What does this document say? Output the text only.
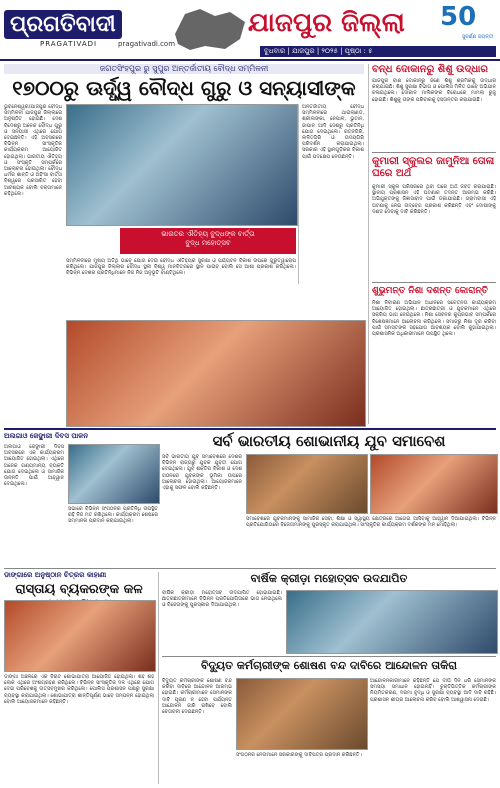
ପ୍ରଗତିବାଦୀ
PRAGATIVADI	pragativadi.com
ଯାଜପୁର ଜିଲ୍ଲା 50
ସୁବର୍ଣ୍ଣ ଜୟନ୍ତୀ
ବୁଧବାର | ଯାଜପୁର | ୨୦୨୫ | ପୃଷ୍ଠା : ୫
ଜଗତସିଂହପୁର ରୁ ସୁପୁର ଅନ୍ତର୍ଜାତୀୟ ବୌଦ୍ଧ ସମ୍ମିଳନୀ
୧୭୦୦ରୁ ଊର୍ଦ୍ଧ୍ୱ ବୌଦ୍ଧ ଗୁରୁ ଓ ସନ୍ୟାସୀଙ୍କ
ଭୁବନେଶ୍ୱର/ଯାଜପୁର ବୌଦ୍ଧ ସମ୍ମିଳନୀ ଯାଜପୁର ଜିଲ୍ଲାରେ ଅନୁଷ୍ଠିତ ହୋଇଛି। ଦେଶ ବିଦେଶରୁ ଅନେକ ବୌଦ୍ଧ ଗୁରୁ ଓ ସନ୍ୟାସୀ ଏଥିରେ ଯୋଗ ଦେଇଛନ୍ତି। ଏହି ଅବସରରେ ବିଭିନ୍ନ ସାଂସ୍କୃତିକ କାର୍ଯ୍ୟକ୍ରମ ଆୟୋଜିତ ହୋଇଥିଲା। ଭାରତୀୟ ଐତିହ୍ୟ ଓ ସଂସ୍କୃତି ସମ୍ପର୍କରେ ଆଲୋଚନା ହୋଇଥିଲା। ବୌଦ୍ଧ ଧର୍ମର ଶାନ୍ତି ଓ ଅହିଂସା ବାର୍ତ୍ତା ବିଶ୍ୱରେ ପ୍ରସାରିତ ହେବା ଆବଶ୍ୟକ ବୋଲି ବକ୍ତାମାନେ କହିଥିଲେ।
ଅନ୍ତର୍ଜାତୀୟ ବୌଦ୍ଧ ସମ୍ମିଳନୀରେ ଥାଇଲାଣ୍ଡ, ଶ୍ରୀଲଙ୍କା, ନେପାଳ, ଭୁଟାନ, ଜାପାନ ଆଦି ଦେଶରୁ ପ୍ରତିନିଧି ଯୋଗ ଦେଇଥିଲେ। ରତ୍ନଗିରି, ଲଳିତଗିରି ଓ ଉଦୟଗିରି ପରିଦର୍ଶନ କରାଯାଇଥିଲା। ସରକାର ଏହି ସ୍ଥାନଗୁଡ଼ିକର ବିକାଶ ପାଇଁ ପଦକ୍ଷେପ ନେଉଛନ୍ତି।
ଭାରତର ଐତିହ୍ୟ ବୁଦ୍ଧଙ୍କ ବାର୍ତ୍ତା
ବୁଦ୍ଧ ମହୋତ୍ସବ
ସମ୍ମିଳନୀରେ ମୁଖ୍ୟ ଅତିଥି ଭାବେ ଯୋଗ ଦେଇ ବୌଦ୍ଧ ଐତିହ୍ୟର ସୁରକ୍ଷା ଓ ପର୍ଯ୍ୟଟନ ବିକାଶ ଉପରେ ଗୁରୁତ୍ୱାରୋପ କରିଥିଲେ। ଯାଜପୁର ଜିଲ୍ଲାର ବୌଦ୍ଧ ସ୍ଥଳୀ ବିଶ୍ୱ ମାନଚିତ୍ରରେ ସ୍ଥାନ ପାଇବ ବୋଲି ସେ ଆଶା ପ୍ରକାଶ କରିଥିଲେ। ବିଭିନ୍ନ ଦେଶର ପ୍ରତିନିଧିମାନେ ନିଜ ନିଜ ଅନୁଭୂତି ବାଣ୍ଟିଥିଲେ।
ବନ୍ଧ ଦୋକାନରୁ ଶିଶୁ ଉଦ୍ଧାର
ଯାଜପୁର ବାଣ ଦୋକାନରୁ ଜଣେ ଶିଶୁ ଶ୍ରମିକକୁ ଉଦ୍ଧାର କରାଯାଇଛି। ଶିଶୁ ସୁରକ୍ଷା ବିଭାଗ ଓ ପୋଲିସ ମିଳିତ ଭାବେ ଅଭିଯାନ ଚଳାଇଥିଲେ। ଦୋକାନ ମାଲିକଙ୍କ ବିରୋଧରେ ମାମଲା ରୁଜୁ ହୋଇଛି। ଶିଶୁକୁ ତାଙ୍କ ପରିବାରକୁ ହସ୍ତାନ୍ତର କରାଯାଇଛି।
କୁମାରୀ ସ୍କୁଲର ଜାମୁନିଆ ତୋଳା ଘରେ ଅର୍ଥ
କୁମାରୀ ସ୍କୁଲ ପରିସରରେ ଥିବା ଘରେ ଅର୍ଥ ଜବତ କରାଯାଇଛି। ସ୍ଥାନୀୟ ପ୍ରଶାସନ ଏହି ଘଟଣାର ତଦନ୍ତ ଆରମ୍ଭ କରିଛି। ଅଭିଯୁକ୍ତଙ୍କୁ ଜିଜ୍ଞାସାବାଦ ପାଇଁ ଡକାଯାଇଛି। ଗ୍ରାମବାସୀ ଏହି ଘଟଣାକୁ ନେଇ ଉଦ୍ବେଗ ପ୍ରକାଶ କରିଛନ୍ତି ଏବଂ ଦୋଷୀଙ୍କୁ ଦଣ୍ଡ ଦେବାକୁ ଦାବି କରିଛନ୍ତି।
ଶୁଭୁମନ୍ତ ନିଶା ଦଶନ୍ତ କୋରାନ୍ତି
ନିଶା ନିବାରଣ ଅଭିଯାନ ଅଧୀନରେ ସଚେତନତା କାର୍ଯ୍ୟକ୍ରମ ଆୟୋଜିତ ହୋଇଥିଲା। ଛାତ୍ରଛାତ୍ରୀ ଓ ଯୁବକମାନେ ଏଥିରେ ସକ୍ରିୟ ଭାଗ ନେଇଥିଲେ। ନିଶା ସେବନର କୁପ୍ରଭାବ ସମ୍ପର୍କରେ ବିଶେଷଜ୍ଞମାନେ ଆଲୋଚନା କରିଥିଲେ। ସମାଜରୁ ନିଶା ଦୂର କରିବା ପାଇଁ ସମସ୍ତଙ୍କ ସହଯୋଗ ଆବଶ୍ୟକ ବୋଲି କୁହାଯାଇଥିଲା। ପ୍ରଶାସନିକ ଅଧିକାରୀମାନେ ଉପସ୍ଥିତ ଥିଲେ।
ଅଲଗାଓ ଜେଙ୍କ୍ଷାରୀ ଦିବସ ପାଳନ
ଅଲଗାଓ ଜେଙ୍କ୍ଷାରୀ ଦିବସ ଅବସରରେ ଏକ କାର୍ଯ୍ୟକ୍ରମ ଆୟୋଜିତ ହୋଇଥିଲା। ଏଥିରେ ଅନେକ ଗଣ୍ୟମାନ୍ୟ ବ୍ୟକ୍ତି ଯୋଗ ଦେଇଥିଲେ ଓ ସାମାଜିକ ଉନ୍ନତି ପାଇଁ ଆହ୍ୱାନ ଦେଇଥିଲେ।
ସଭାରେ ବିଭିନ୍ନ ସଂଗଠନର ପ୍ରତିନିଧି ଉପସ୍ଥିତ ରହି ନିଜ ମତ ରଖିଥିଲେ। କାର୍ଯ୍ୟକ୍ରମ ଶେଷରେ ସମ୍ମାନନା ପ୍ରଦାନ କରାଯାଇଥିଲା।
ସର୍ବ ଭାରତୀୟ ଶୋଭାନୀୟ ଯୁବ ସମାବେଶ
ସର୍ବ ଭାରତୀୟ ଯୁବ ସମାବେଶରେ ଦେଶର ବିଭିନ୍ନ ରାଜ୍ୟରୁ ଯୁବକ ଯୁବତୀ ଯୋଗ ଦେଇଥିଲେ। ଯୁବ ଶକ୍ତିର ବିକାଶ ଓ ଦେଶ ଗଠନରେ ଯୁବକଙ୍କ ଭୂମିକା ଉପରେ ଆଲୋଚନା ହୋଇଥିଲା। ଆୟୋଜକମାନେ ଏହାକୁ ସଫଳ ବୋଲି କହିଛନ୍ତି।
ସମାବେଶରେ ଯୁବକମାନଙ୍କୁ ସାମାଜିକ ସେବା, ଶିକ୍ଷା ଓ ସ୍ୱାସ୍ଥ୍ୟ କ୍ଷେତ୍ରରେ ଆଗେଇ ଆସିବାକୁ ଆହ୍ୱାନ ଦିଆଯାଇଥିଲା। ବିଭିନ୍ନ ପ୍ରତିଯୋଗିତାରେ ବିଜେତାମାନଙ୍କୁ ପୁରସ୍କୃତ କରାଯାଇଥିଲା। ସାଂସ୍କୃତିକ କାର୍ଯ୍ୟକ୍ରମ ଦର୍ଶକଙ୍କ ମନ ମୋହିଥିଲା।
ଡାଙ୍ଗାରେ ଅନୁଷ୍ଠାନ ଚିତ୍ରର କାହାଣୀ
ରାସ୍ତାୟ ବ୍ୟକରଙ୍କ କଳ
ଡାଙ୍ଗା ଅଞ୍ଚଳରେ ଏକ ବିରାଟ ଶୋଭାଯାତ୍ରା ଆୟୋଜିତ ହୋଇଥିଲା। ଶହ ଶହ ଲୋକ ଏଥିରେ ଅଂଶଗ୍ରହଣ କରିଥିଲେ। ବିଭିନ୍ନ ସାଂସ୍କୃତିକ ଦଳ ଏଥିରେ ଯୋଗ ଦେଇ ପରିବେଶକୁ ଉତ୍ସବମୁଖର କରିଥିଲେ। ପୋଲିସ ପ୍ରଶାସନ ପକ୍ଷରୁ ସୁରକ୍ଷା ବ୍ୟବସ୍ଥା କରାଯାଇଥିଲା। ଶୋଭାଯାତ୍ରା ଶାନ୍ତିପୂର୍ଣ୍ଣ ଭାବେ ସମ୍ପନ୍ନ ହୋଇଥିଲା ବୋଲି ଆୟୋଜକମାନେ କହିଛନ୍ତି।
ବାର୍ଷିକ କ୍ରୀଡ଼ା ମହୋତ୍ସବ ଉଦଯାପିତ
ବାର୍ଷିକ କ୍ରୀଡ଼ା ମହୋତ୍ସବ ଉଦଯାପିତ ହୋଇଯାଇଛି। ଛାତ୍ରଛାତ୍ରୀମାନେ ବିଭିନ୍ନ ପ୍ରତିଯୋଗିତାରେ ଭାଗ ନେଇଥିଲେ ଓ ବିଜେତାଙ୍କୁ ପୁରସ୍କାର ଦିଆଯାଇଥିଲା।
ବିଦ୍ୟୁତ କର୍ମଚାରୀଙ୍କ ଶୋଷଣ ବନ୍ଦ ଦାବିରେ ଆନ୍ଦୋଳନ ତାକିରା
ବିଦ୍ୟୁତ କର୍ମଚାରୀଙ୍କ ଶୋଷଣ ବନ୍ଦ କରିବା ଦାବିରେ ଆନ୍ଦୋଳନ ଆରମ୍ଭ ହୋଇଛି। କର୍ମଚାରୀମାନେ ସେମାନଙ୍କ ଦାବି ପୂରଣ ନ ହେବା ପର୍ଯ୍ୟନ୍ତ ଆନ୍ଦୋଳନ ଜାରି ରଖିବେ ବୋଲି ଚେତାବନୀ ଦେଇଛନ୍ତି।
ସଂଗଠନର ନେତାମାନେ ସରକାରଙ୍କୁ ଦାବିପତ୍ର ପ୍ରଦାନ କରିଛନ୍ତି।
ଆନ୍ଦୋଳନକାରୀମାନେ କହିଛନ୍ତି ଯେ ଦୀର୍ଘ ଦିନ ଧରି ସେମାନଙ୍କ ସମସ୍ୟା ସମାଧାନ ହୋଇନାହିଁ। ଚୁକ୍ତିଭିତ୍ତିକ କର୍ମଚାରୀଙ୍କ ନିୟମିତକରଣ, ଦରମା ବୃଦ୍ଧି ଓ ସୁରକ୍ଷା ବ୍ୟବସ୍ଥା ଆଦି ଦାବି ରହିଛି। ପ୍ରଶାସନ ଶୀଘ୍ର ଆଲୋଚନା କରିବ ବୋଲି ଆଶ୍ୱାସନା ଦେଇଛି।
